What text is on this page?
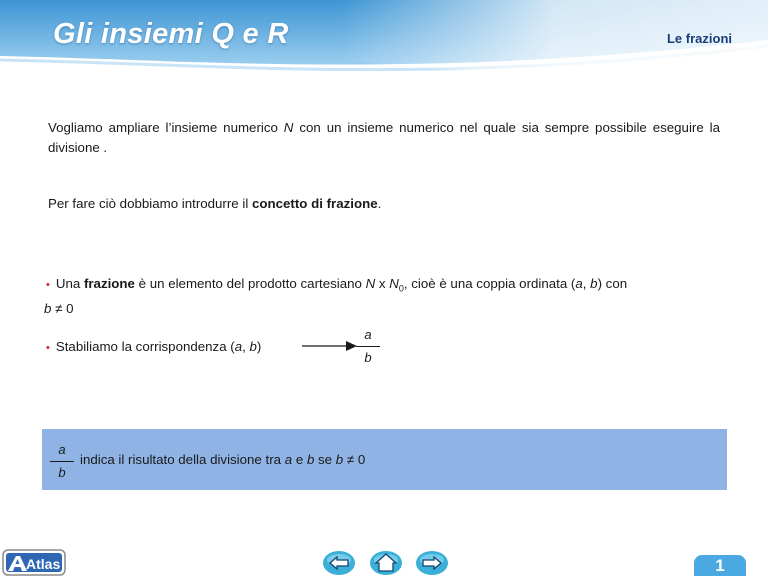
Gli insiemi Q e R	Le frazioni
Vogliamo ampliare l’insieme numerico N con un insieme numerico nel quale sia sempre possibile eseguire la divisione .
Per fare ciò dobbiamo introdurre il concetto di frazione.
• Una frazione è un elemento del prodotto cartesiano N x $N_0$, cioè è una coppia ordinata (a, b) con
b ≠ 0
• Stabiliamo la corrispondenza (a, b)
a
b
a
b
indica il risultato della divisione tra a e b se b ≠ 0
Atlas	1
